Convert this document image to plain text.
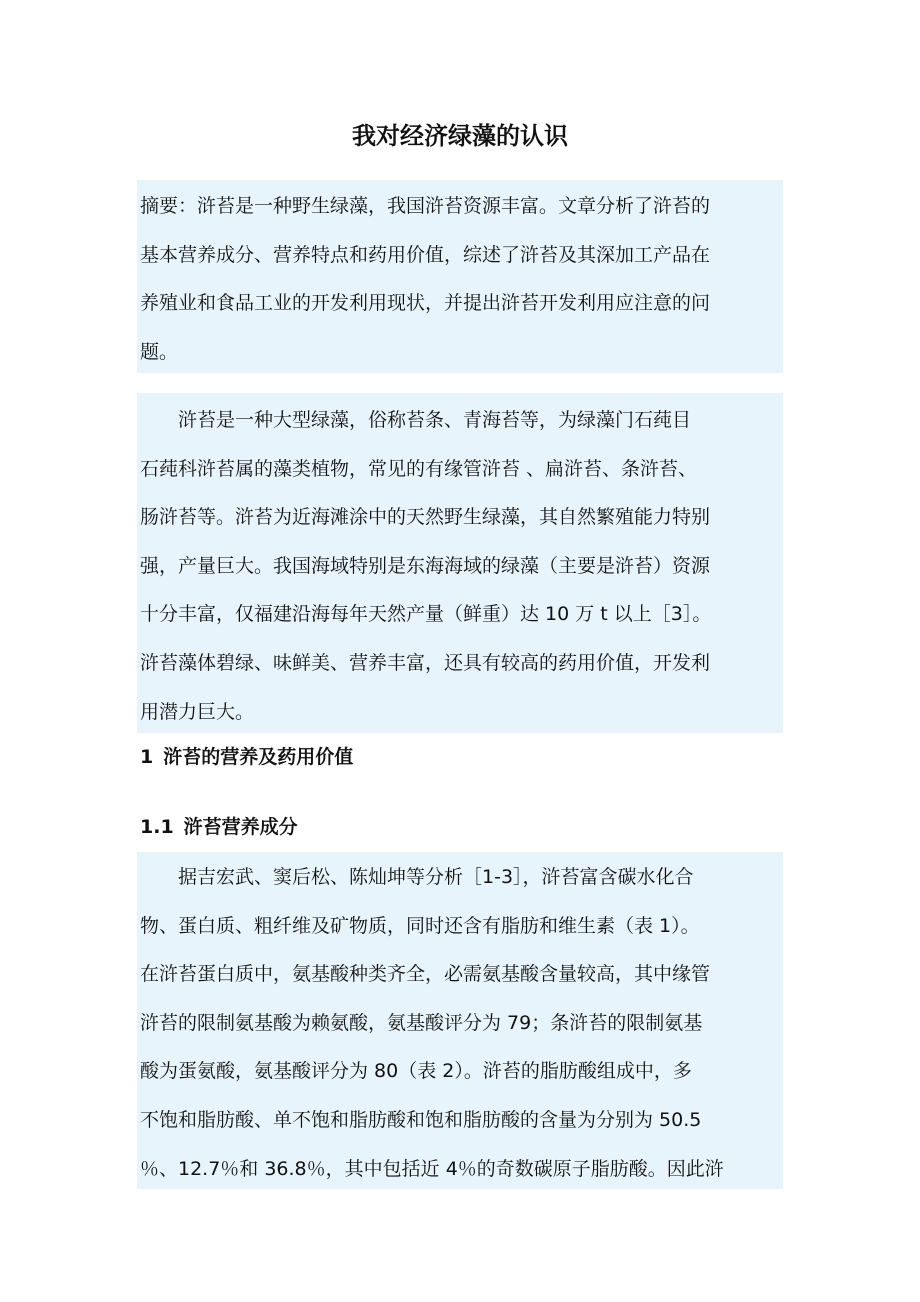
我对经济绿藻的认识

摘要：浒苔是一种野生绿藻，我国浒苔资源丰富。文章分析了浒苔的
基本营养成分、营养特点和药用价值，综述了浒苔及其深加工产品在
养殖业和食品工业的开发利用现状，并提出浒苔开发利用应注意的问
题。

　　浒苔是一种大型绿藻，俗称苔条、青海苔等，为绿藻门石莼目
石莼科浒苔属的藻类植物，常见的有缘管浒苔 、扁浒苔、条浒苔、
肠浒苔等。浒苔为近海滩涂中的天然野生绿藻，其自然繁殖能力特别
强，产量巨大。我国海域特别是东海海域的绿藻（主要是浒苔）资源
十分丰富，仅福建沿海每年天然产量（鲜重）达 10 万 t 以上［3］。
浒苔藻体碧绿、味鲜美、营养丰富，还具有较高的药用价值，开发利
用潜力巨大。

1 浒苔的营养及药用价值
1.1 浒苔营养成分

　　据吉宏武、窦后松、陈灿坤等分析［1-3］，浒苔富含碳水化合
物、蛋白质、粗纤维及矿物质，同时还含有脂肪和维生素（表 1）。
在浒苔蛋白质中，氨基酸种类齐全，必需氨基酸含量较高，其中缘管
浒苔的限制氨基酸为赖氨酸，氨基酸评分为 79；条浒苔的限制氨基
酸为蛋氨酸，氨基酸评分为 80（表 2）。浒苔的脂肪酸组成中，多
不饱和脂肪酸、单不饱和脂肪酸和饱和脂肪酸的含量为分别为 50.5
％、12.7％和 36.8％，其中包括近 4％的奇数碳原子脂肪酸。因此浒
